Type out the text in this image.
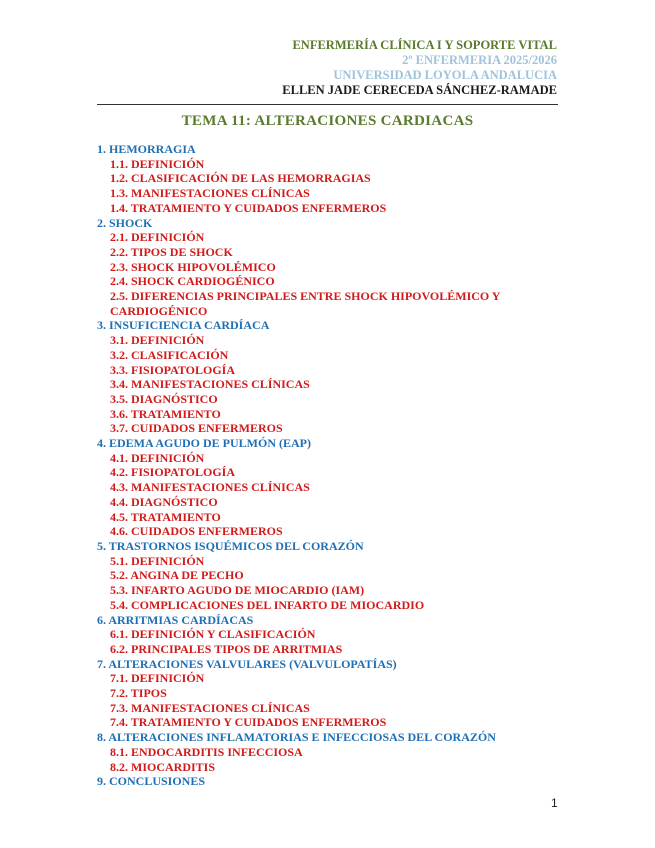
ENFERMERÍA CLÍNICA I Y SOPORTE VITAL
2º ENFERMERIA 2025/2026
UNIVERSIDAD LOYOLA ANDALUCIA
ELLEN JADE CERECEDA SÁNCHEZ-RAMADE
TEMA 11: ALTERACIONES CARDIACAS
1. HEMORRAGIA
1.1. DEFINICIÓN
1.2. CLASIFICACIÓN DE LAS HEMORRAGIAS
1.3. MANIFESTACIONES CLÍNICAS
1.4. TRATAMIENTO Y CUIDADOS ENFERMEROS
2. SHOCK
2.1. DEFINICIÓN
2.2. TIPOS DE SHOCK
2.3. SHOCK HIPOVOLÉMICO
2.4. SHOCK CARDIOGÉNICO
2.5. DIFERENCIAS PRINCIPALES ENTRE SHOCK HIPOVOLÉMICO Y CARDIOGÉNICO
3. INSUFICIENCIA CARDÍACA
3.1. DEFINICIÓN
3.2. CLASIFICACIÓN
3.3. FISIOPATOLOGÍA
3.4. MANIFESTACIONES CLÍNICAS
3.5. DIAGNÓSTICO
3.6. TRATAMIENTO
3.7. CUIDADOS ENFERMEROS
4. EDEMA AGUDO DE PULMÓN (EAP)
4.1. DEFINICIÓN
4.2. FISIOPATOLOGÍA
4.3. MANIFESTACIONES CLÍNICAS
4.4. DIAGNÓSTICO
4.5. TRATAMIENTO
4.6. CUIDADOS ENFERMEROS
5. TRASTORNOS ISQUÉMICOS DEL CORAZÓN
5.1. DEFINICIÓN
5.2. ANGINA DE PECHO
5.3. INFARTO AGUDO DE MIOCARDIO (IAM)
5.4. COMPLICACIONES DEL INFARTO DE MIOCARDIO
6. ARRITMIAS CARDÍACAS
6.1. DEFINICIÓN Y CLASIFICACIÓN
6.2. PRINCIPALES TIPOS DE ARRITMIAS
7. ALTERACIONES VALVULARES (VALVULOPATÍAS)
7.1. DEFINICIÓN
7.2. TIPOS
7.3. MANIFESTACIONES CLÍNICAS
7.4. TRATAMIENTO Y CUIDADOS ENFERMEROS
8. ALTERACIONES INFLAMATORIAS E INFECCIOSAS DEL CORAZÓN
8.1. ENDOCARDITIS INFECCIOSA
8.2. MIOCARDITIS
9. CONCLUSIONES
1
